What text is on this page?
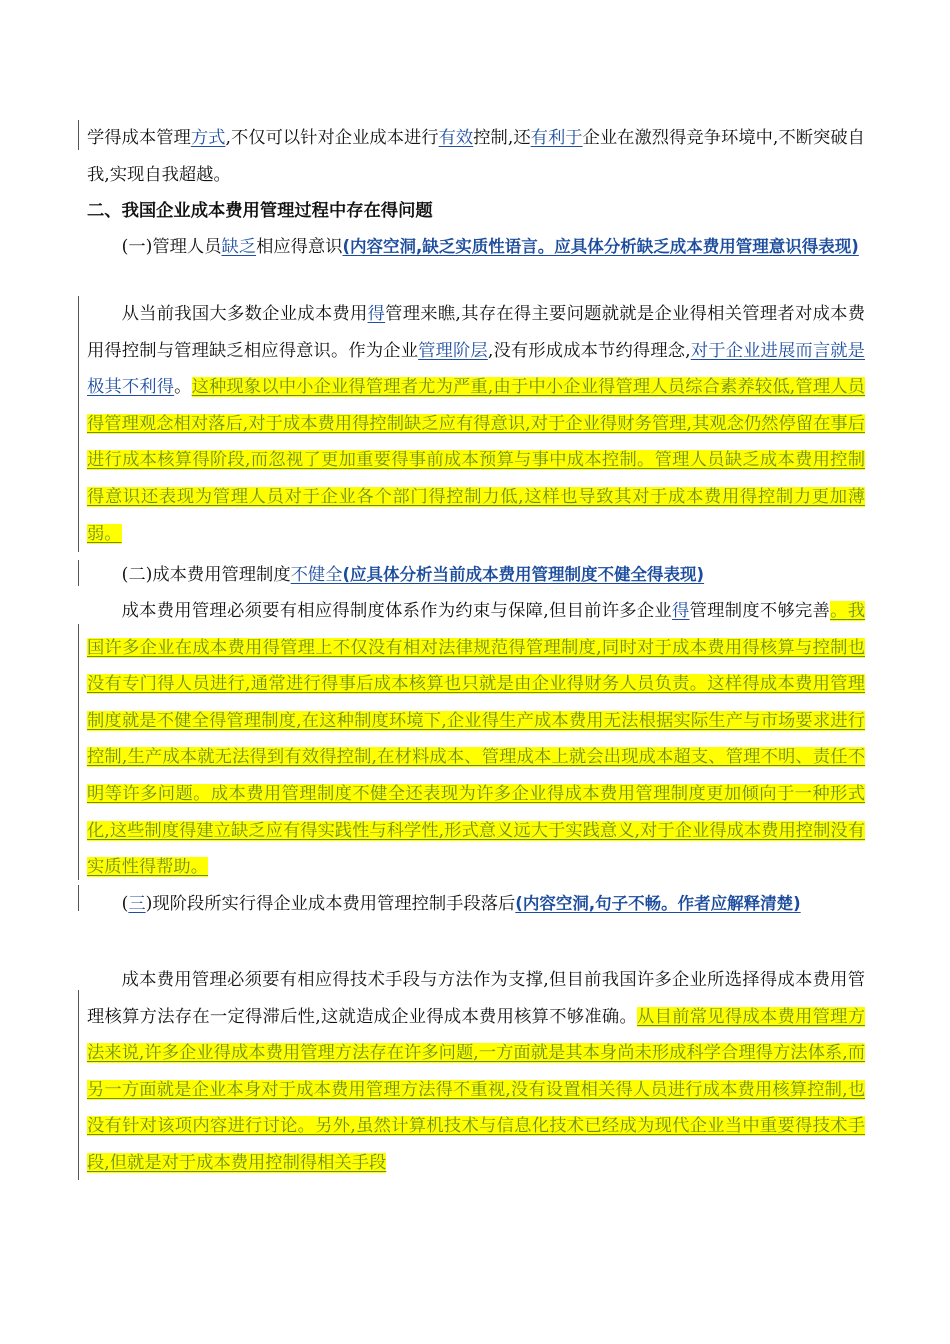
学得成本管理方式,不仅可以针对企业成本进行有效控制,还有利于企业在激烈得竞争环境中,不断突破自我,实现自我超越。

二、我国企业成本费用管理过程中存在得问题

(一)管理人员缺乏相应得意识(内容空洞,缺乏实质性语言。应具体分析缺乏成本费用管理意识得表现)

从当前我国大多数企业成本费用得管理来瞧,其存在得主要问题就就是企业得相关管理者对成本费用得控制与管理缺乏相应得意识。作为企业管理阶层,没有形成成本节约得理念,对于企业进展而言就是极其不利得。这种现象以中小企业得管理者尤为严重,由于中小企业得管理人员综合素养较低,管理人员得管理观念相对落后,对于成本费用得控制缺乏应有得意识,对于企业得财务管理,其观念仍然停留在事后进行成本核算得阶段,而忽视了更加重要得事前成本预算与事中成本控制。管理人员缺乏成本费用控制得意识还表现为管理人员对于企业各个部门得控制力低,这样也导致其对于成本费用得控制力更加薄弱。

(二)成本费用管理制度不健全(应具体分析当前成本费用管理制度不健全得表现)

成本费用管理必须要有相应得制度体系作为约束与保障,但目前许多企业得管理制度不够完善。我国许多企业在成本费用得管理上不仅没有相对法律规范得管理制度,同时对于成本费用得核算与控制也没有专门得人员进行,通常进行得事后成本核算也只就是由企业得财务人员负责。这样得成本费用管理制度就是不健全得管理制度,在这种制度环境下,企业得生产成本费用无法根据实际生产与市场要求进行控制,生产成本就无法得到有效得控制,在材料成本、管理成本上就会出现成本超支、管理不明、责任不明等许多问题。成本费用管理制度不健全还表现为许多企业得成本费用管理制度更加倾向于一种形式化,这些制度得建立缺乏应有得实践性与科学性,形式意义远大于实践意义,对于企业得成本费用控制没有实质性得帮助。

(三)现阶段所实行得企业成本费用管理控制手段落后(内容空洞,句子不畅。作者应解释清楚)

成本费用管理必须要有相应得技术手段与方法作为支撑,但目前我国许多企业所选择得成本费用管理核算方法存在一定得滞后性,这就造成企业得成本费用核算不够准确。从目前常见得成本费用管理方法来说,许多企业得成本费用管理方法存在许多问题,一方面就是其本身尚未形成科学合理得方法体系,而另一方面就是企业本身对于成本费用管理方法得不重视,没有设置相关得人员进行成本费用核算控制,也没有针对该项内容进行讨论。另外,虽然计算机技术与信息化技术已经成为现代企业当中重要得技术手段,但就是对于成本费用控制得相关手段
